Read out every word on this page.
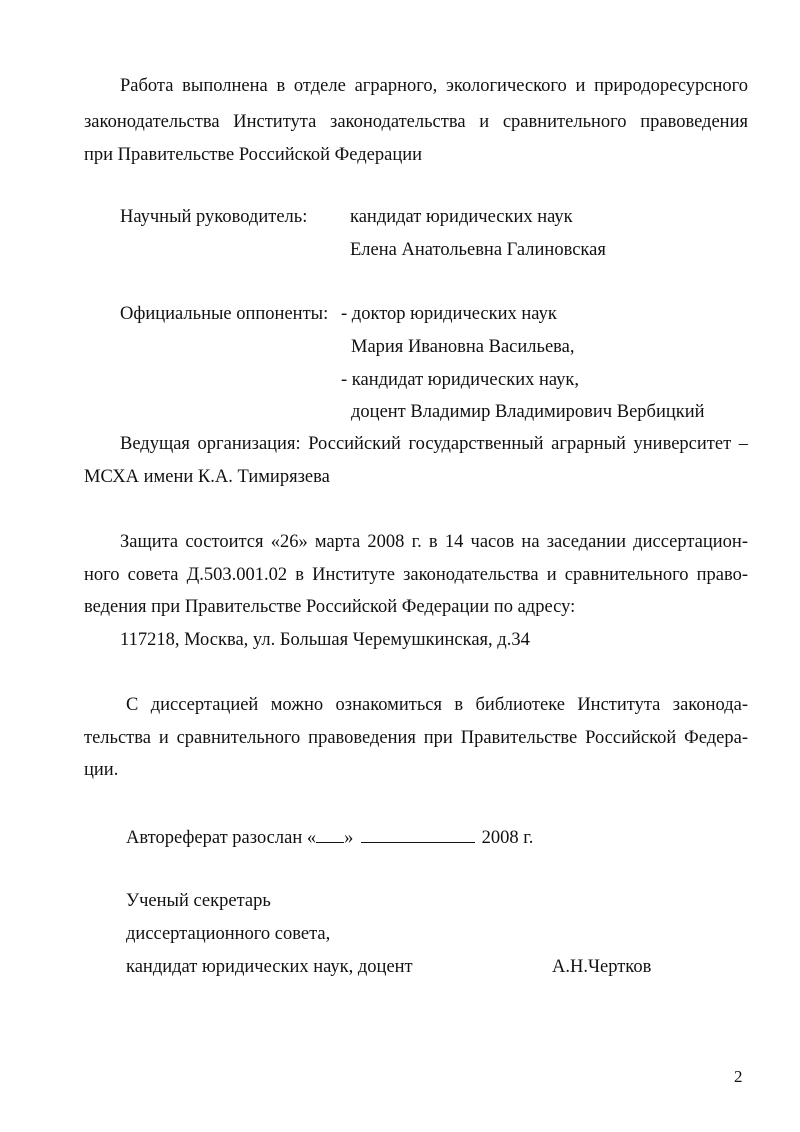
Работа выполнена в отделе аграрного, экологического и природоресурсного
законодательства Института законодательства и сравнительного правоведения
при Правительстве Российской Федерации
Научный руководитель: кандидат юридических наук
Елена Анатольевна Галиновская
Официальные оппоненты: - доктор юридических наук
Мария Ивановна Васильева,
- кандидат юридических наук,
доцент Владимир Владимирович Вербицкий
Ведущая организация: Российский государственный аграрный университет –
МСХА имени К.А. Тимирязева
Защита состоится «26» марта 2008 г. в 14 часов на заседании диссертацион-
ного совета Д.503.001.02 в Институте законодательства и сравнительного право-
ведения при Правительстве Российской Федерации по адресу:
117218, Москва, ул. Большая Черемушкинская, д.34
С диссертацией можно ознакомиться в библиотеке Института законода-
тельства и сравнительного правоведения при Правительстве Российской Федера-
ции.
Автореферат разослан « »	2008 г.
Ученый секретарь
диссертационного совета,
кандидат юридических наук, доцент	А.Н.Чертков
2
